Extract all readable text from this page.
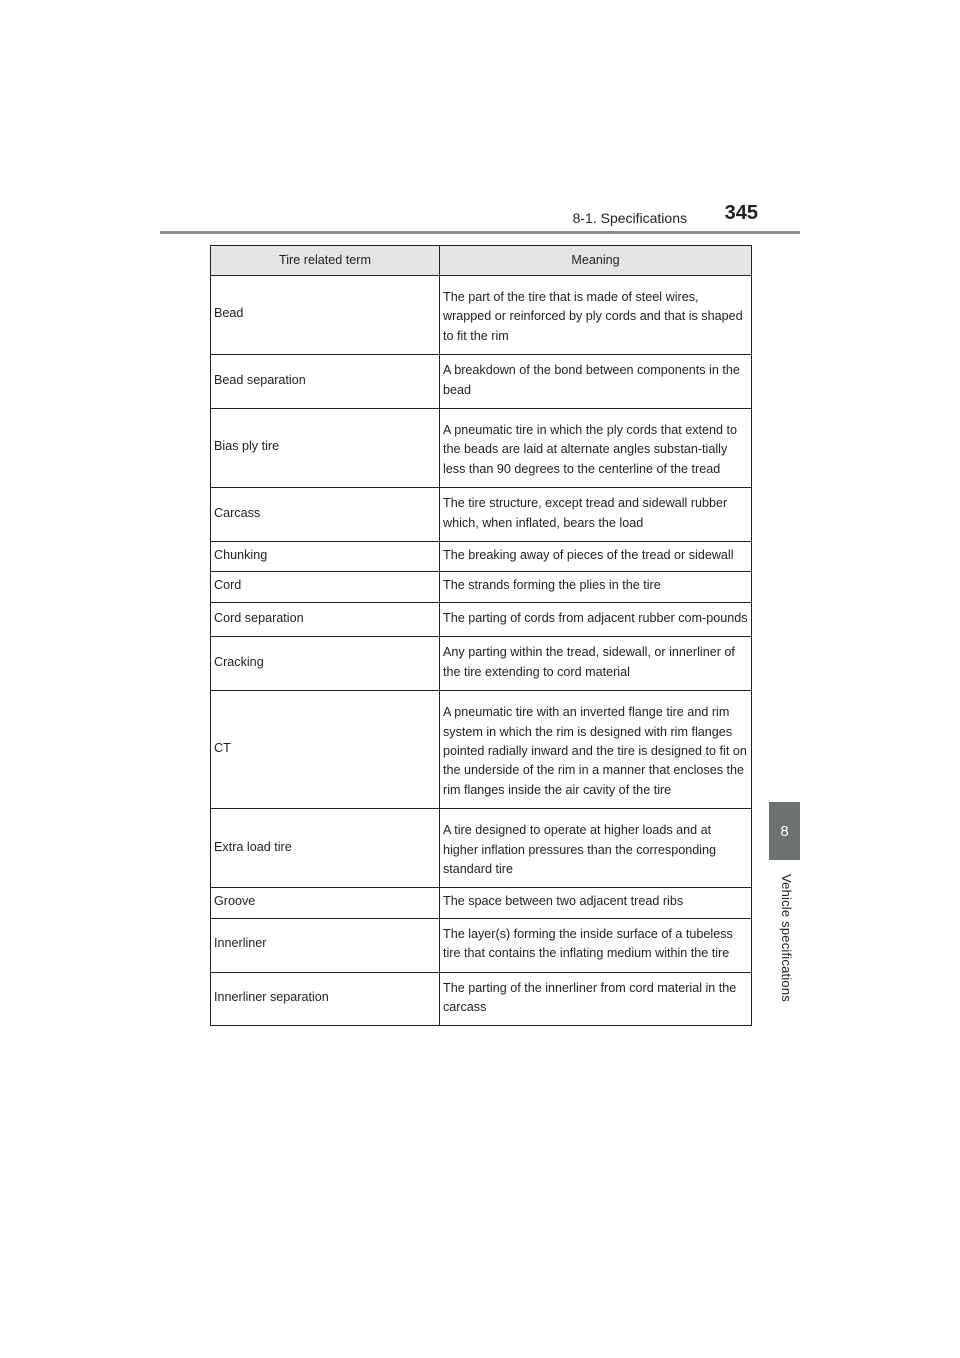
8-1. Specifications 345
8
Vehicle specifications
Tire related term	Meaning
Bead	The part of the tire that is made of steel wires, wrapped or reinforced by ply cords and that is shaped to fit the rim
Bead separation	A breakdown of the bond between components in the bead
Bias ply tire	A pneumatic tire in which the ply cords that extend to the beads are laid at alternate angles substan-tially less than 90 degrees to the centerline of the tread
Carcass	The tire structure, except tread and sidewall rubber which, when inflated, bears the load
Chunking	The breaking away of pieces of the tread or sidewall
Cord	The strands forming the plies in the tire
Cord separation	The parting of cords from adjacent rubber com-pounds
Cracking	Any parting within the tread, sidewall, or innerliner of the tire extending to cord material
CT	A pneumatic tire with an inverted flange tire and rim system in which the rim is designed with rim flanges pointed radially inward and the tire is designed to fit on the underside of the rim in a manner that encloses the rim flanges inside the air cavity of the tire
Extra load tire	A tire designed to operate at higher loads and at higher inflation pressures than the corresponding standard tire
Groove	The space between two adjacent tread ribs
Innerliner	The layer(s) forming the inside surface of a tubeless tire that contains the inflating medium within the tire
Innerliner separation	The parting of the innerliner from cord material in the carcass
